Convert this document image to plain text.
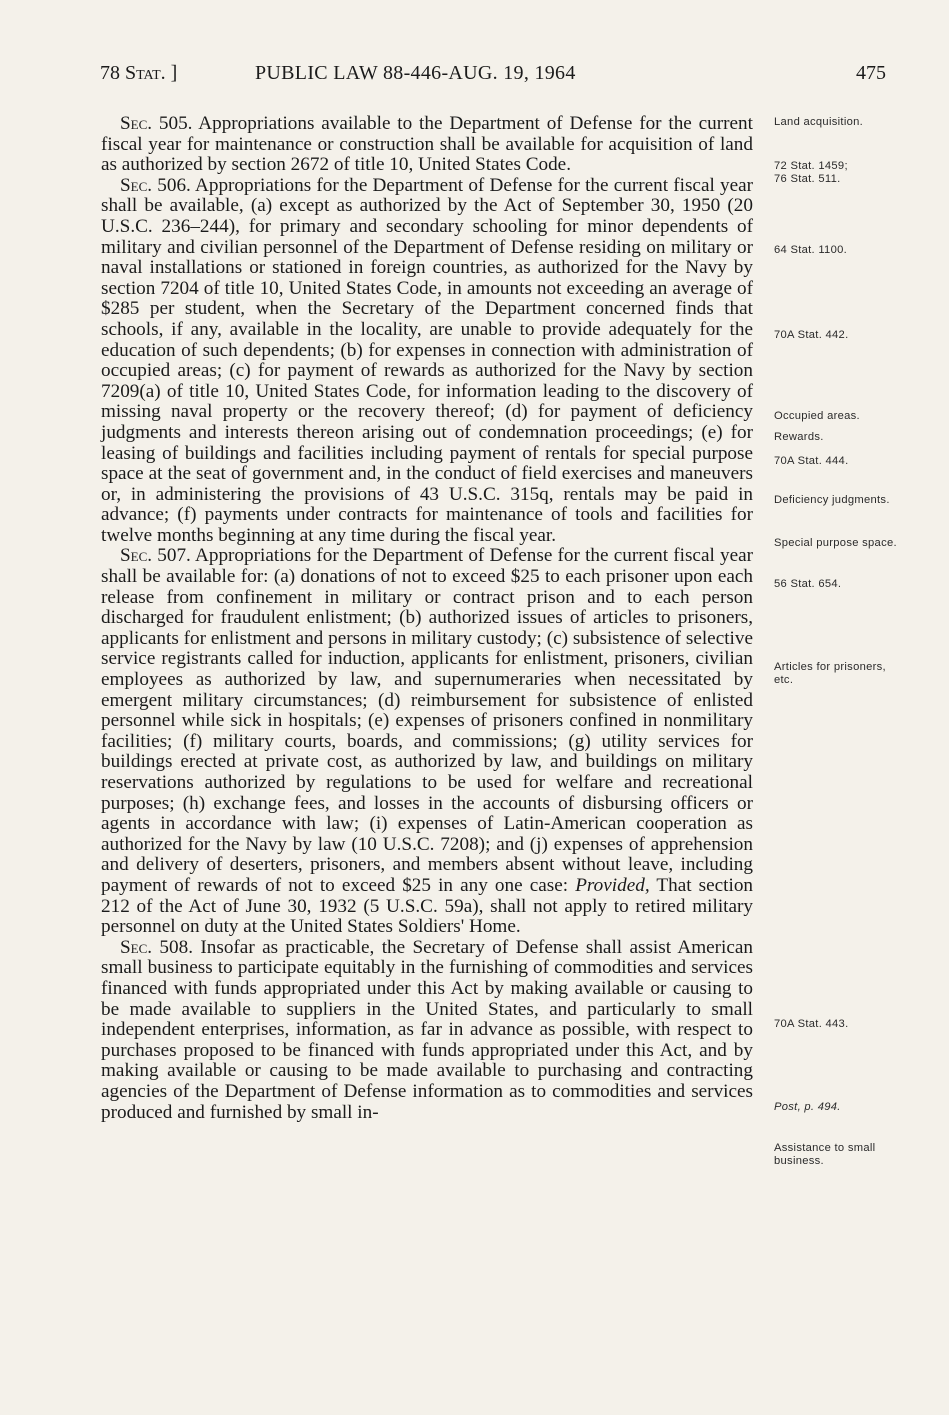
78 Stat. ]	PUBLIC LAW 88-446-AUG. 19, 1964	475

Sec. 505. Appropriations available to the Department of Defense for the current fiscal year for maintenance or construction shall be available for acquisition of land as authorized by section 2672 of title 10, United States Code.

Sec. 506. Appropriations for the Department of Defense for the current fiscal year shall be available, (a) except as authorized by the Act of September 30, 1950 (20 U.S.C. 236–244), for primary and secondary schooling for minor dependents of military and civilian personnel of the Department of Defense residing on military or naval installations or stationed in foreign countries, as authorized for the Navy by section 7204 of title 10, United States Code, in amounts not exceeding an average of $285 per student, when the Secretary of the Department concerned finds that schools, if any, available in the locality, are unable to provide adequately for the education of such dependents; (b) for expenses in connection with administration of occupied areas; (c) for payment of rewards as authorized for the Navy by section 7209(a) of title 10, United States Code, for information leading to the discovery of missing naval property or the recovery thereof; (d) for payment of deficiency judgments and interests thereon arising out of condemnation proceedings; (e) for leasing of buildings and facilities including payment of rentals for special purpose space at the seat of government and, in the conduct of field exercises and maneuvers or, in administering the provisions of 43 U.S.C. 315q, rentals may be paid in advance; (f) payments under contracts for maintenance of tools and facilities for twelve months beginning at any time during the fiscal year.

Sec. 507. Appropriations for the Department of Defense for the current fiscal year shall be available for: (a) donations of not to exceed $25 to each prisoner upon each release from confinement in military or contract prison and to each person discharged for fraudulent enlistment; (b) authorized issues of articles to prisoners, applicants for enlistment and persons in military custody; (c) subsistence of selective service registrants called for induction, applicants for enlistment, prisoners, civilian employees as authorized by law, and supernumeraries when necessitated by emergent military circumstances; (d) reimbursement for subsistence of enlisted personnel while sick in hospitals; (e) expenses of prisoners confined in nonmilitary facilities; (f) military courts, boards, and commissions; (g) utility services for buildings erected at private cost, as authorized by law, and buildings on military reservations authorized by regulations to be used for welfare and recreational purposes; (h) exchange fees, and losses in the accounts of disbursing officers or agents in accordance with law; (i) expenses of Latin-American cooperation as authorized for the Navy by law (10 U.S.C. 7208); and (j) expenses of apprehension and delivery of deserters, prisoners, and members absent without leave, including payment of rewards of not to exceed $25 in any one case: Provided, That section 212 of the Act of June 30, 1932 (5 U.S.C. 59a), shall not apply to retired military personnel on duty at the United States Soldiers' Home.

Sec. 508. Insofar as practicable, the Secretary of Defense shall assist American small business to participate equitably in the furnishing of commodities and services financed with funds appropriated under this Act by making available or causing to be made available to suppliers in the United States, and particularly to small independent enterprises, information, as far in advance as possible, with respect to purchases proposed to be financed with funds appropriated under this Act, and by making available or causing to be made available to purchasing and contracting agencies of the Department of Defense information as to commodities and services produced and furnished by small in-

Land acquisition.
72 Stat. 1459;
76 Stat. 511.
64 Stat. 1100.
70A Stat. 442.
Occupied areas.
Rewards.
70A Stat. 444.
Deficiency judgments.
Special purpose space.
56 Stat. 654.
Articles for prisoners, etc.
70A Stat. 443.
Post, p. 494.
Assistance to small business.
